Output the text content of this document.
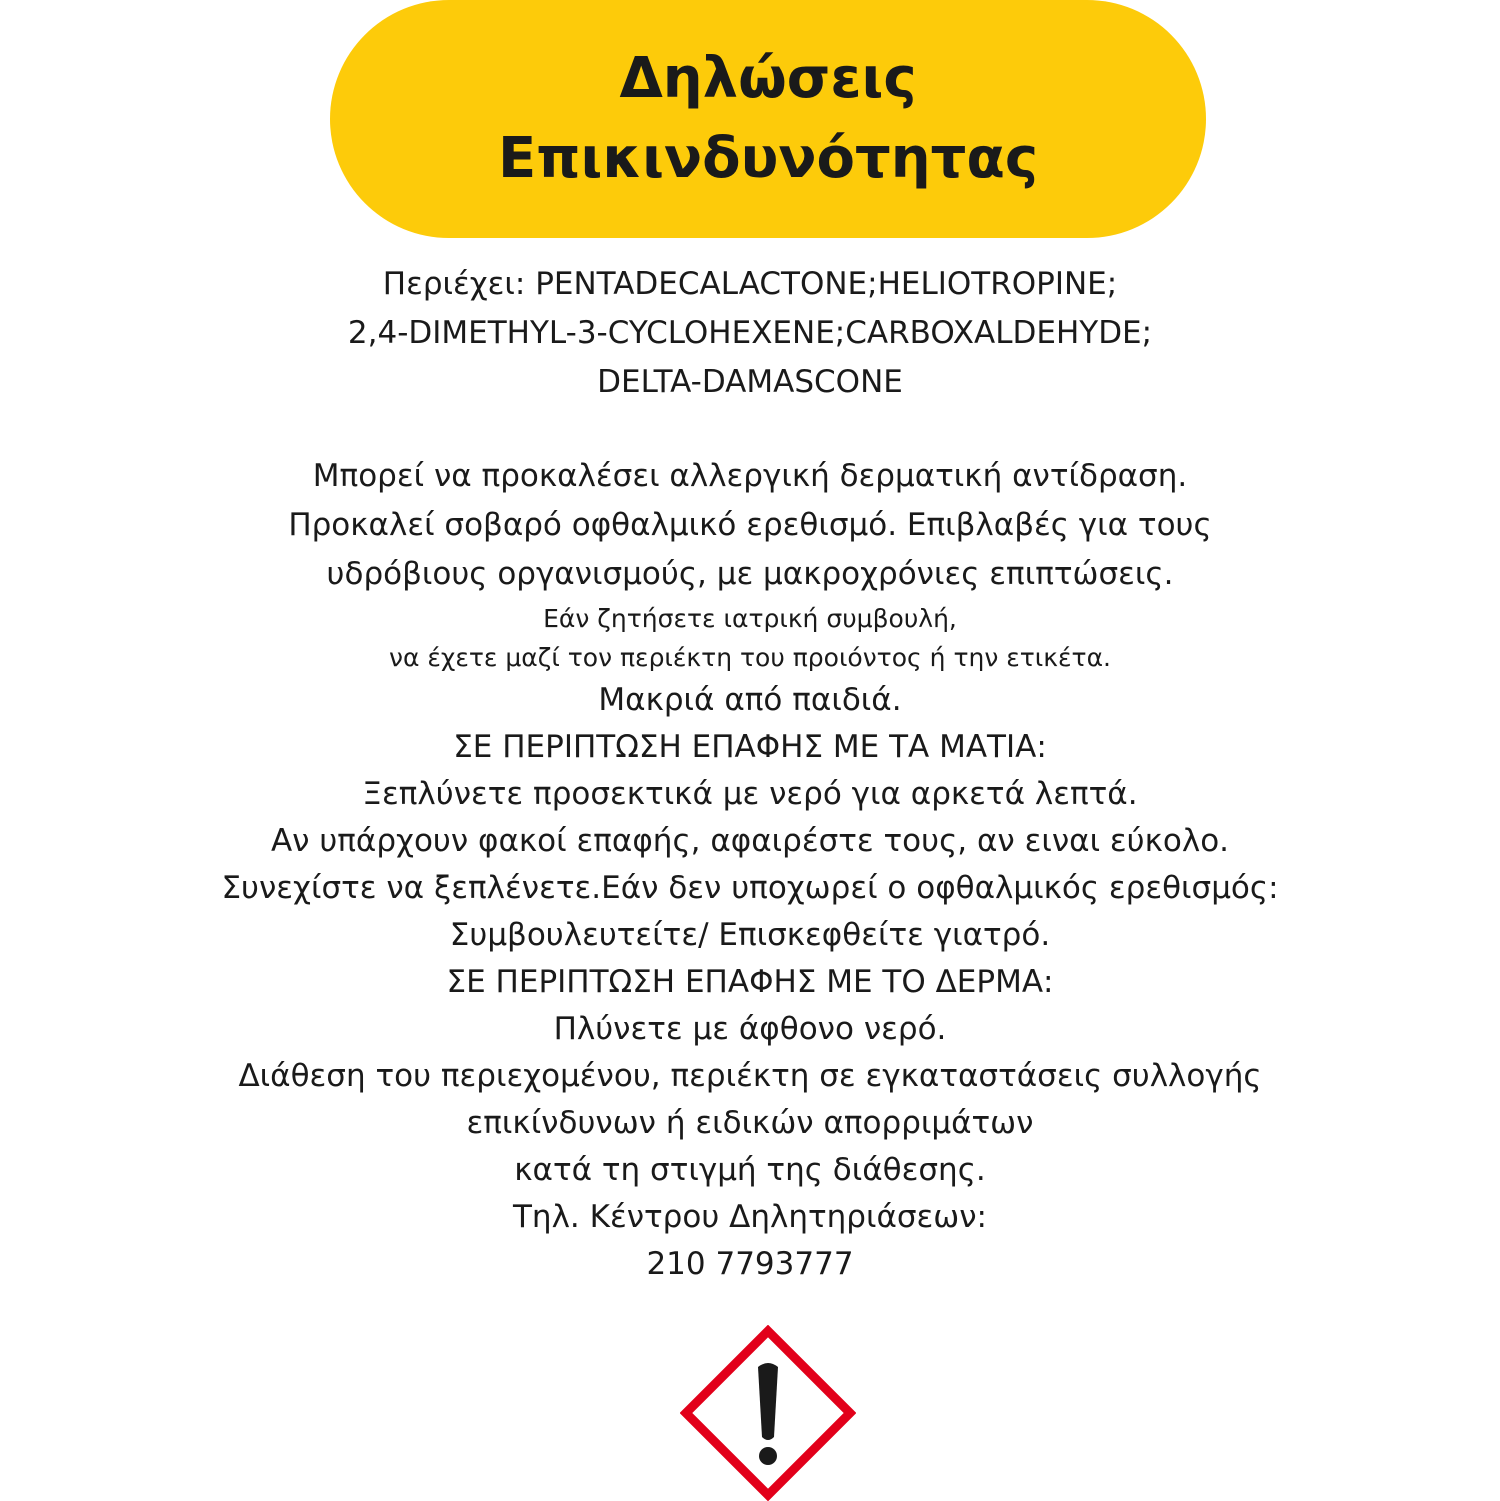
Δηλώσεις
Επικινδυνότητας
Περιέχει: PENTADECALACTONE;HELIOTROPINE;
2,4-DIMETHYL-3-CYCLOHEXENE;CARBOXALDEHYDE;
DELTA-DAMASCONE
Μπορεί να προκαλέσει αλλεργική δερματική αντίδραση.
Προκαλεί σοβαρό οφθαλμικό ερεθισμό. Επιβλαβές για τους
υδρόβιους οργανισμούς, με μακροχρόνιες επιπτώσεις.
Εάν ζητήσετε ιατρική συμβουλή,
να έχετε μαζί τον περιέκτη του προιόντος ή την ετικέτα.
Μακριά από παιδιά.
ΣΕ ΠΕΡΙΠΤΩΣΗ ΕΠΑΦΗΣ ΜΕ ΤΑ ΜΑΤΙΑ:
Ξεπλύνετε προσεκτικά με νερό για αρκετά λεπτά.
Αν υπάρχουν φακοί επαφής, αφαιρέστε τους, αν ειναι εύκολο.
Συνεχίστε να ξεπλένετε.Εάν δεν υποχωρεί ο οφθαλμικός ερεθισμός:
Συμβουλευτείτε/ Επισκεφθείτε γιατρό.
ΣΕ ΠΕΡΙΠΤΩΣΗ ΕΠΑΦΗΣ ΜΕ ΤΟ ΔΕΡΜΑ:
Πλύνετε με άφθονο νερό.
Διάθεση του περιεχομένου, περιέκτη σε εγκαταστάσεις συλλογής
επικίνδυνων ή ειδικών απορριμάτων
κατά τη στιγμή της διάθεσης.
Τηλ. Κέντρου Δηλητηριάσεων:
210 7793777
